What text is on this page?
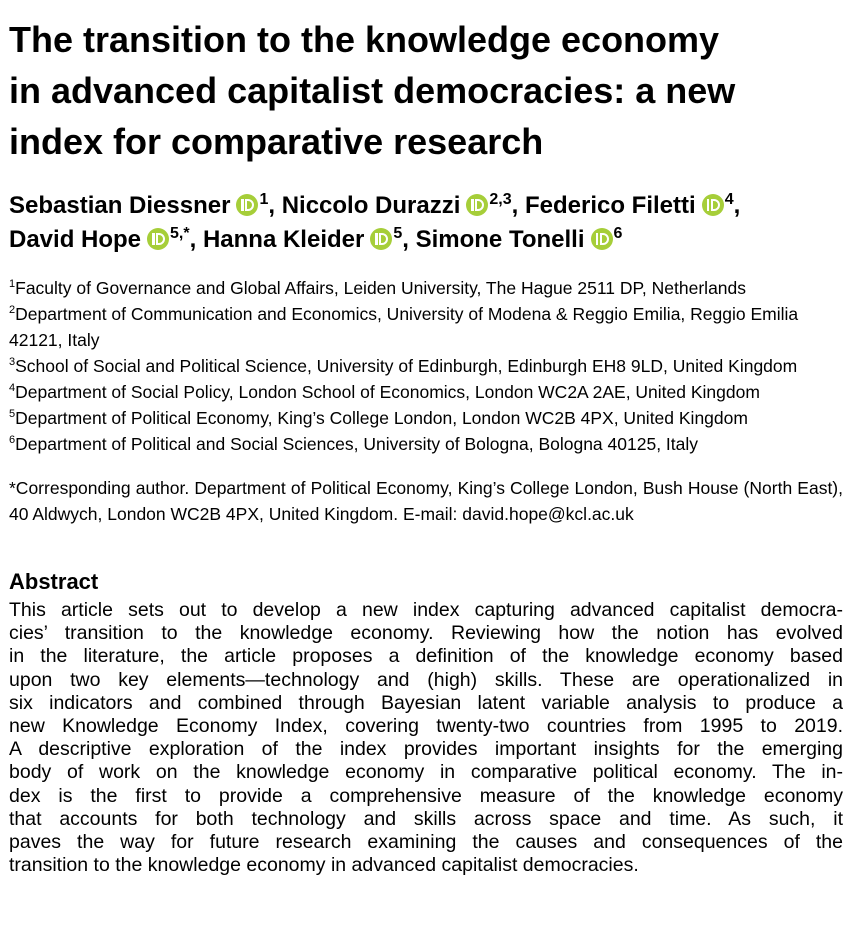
The transition to the knowledge economy
in advanced capitalist democracies: a new
index for comparative research
Sebastian Diessner $^1$, Niccolo Durazzi $^{2,3}$, Federico Filetti $^4$,
David Hope $^{5,*}$, Hanna Kleider $^5$, Simone Tonelli $^6$
$^1$Faculty of Governance and Global Affairs, Leiden University, The Hague 2511 DP, Netherlands
$^2$Department of Communication and Economics, University of Modena & Reggio Emilia, Reggio Emilia 42121, Italy
$^3$School of Social and Political Science, University of Edinburgh, Edinburgh EH8 9LD, United Kingdom
$^4$Department of Social Policy, London School of Economics, London WC2A 2AE, United Kingdom
$^5$Department of Political Economy, King’s College London, London WC2B 4PX, United Kingdom
$^6$Department of Political and Social Sciences, University of Bologna, Bologna 40125, Italy
*Corresponding author. Department of Political Economy, King’s College London, Bush House (North East), 40 Aldwych, London WC2B 4PX, United Kingdom. E-mail: david.hope@kcl.ac.uk
Abstract
This article sets out to develop a new index capturing advanced capitalist democra-
cies’ transition to the knowledge economy. Reviewing how the notion has evolved
in the literature, the article proposes a definition of the knowledge economy based
upon two key elements—technology and (high) skills. These are operationalized in
six indicators and combined through Bayesian latent variable analysis to produce a
new Knowledge Economy Index, covering twenty-two countries from 1995 to 2019.
A descriptive exploration of the index provides important insights for the emerging
body of work on the knowledge economy in comparative political economy. The in-
dex is the first to provide a comprehensive measure of the knowledge economy
that accounts for both technology and skills across space and time. As such, it
paves the way for future research examining the causes and consequences of the
transition to the knowledge economy in advanced capitalist democracies.
